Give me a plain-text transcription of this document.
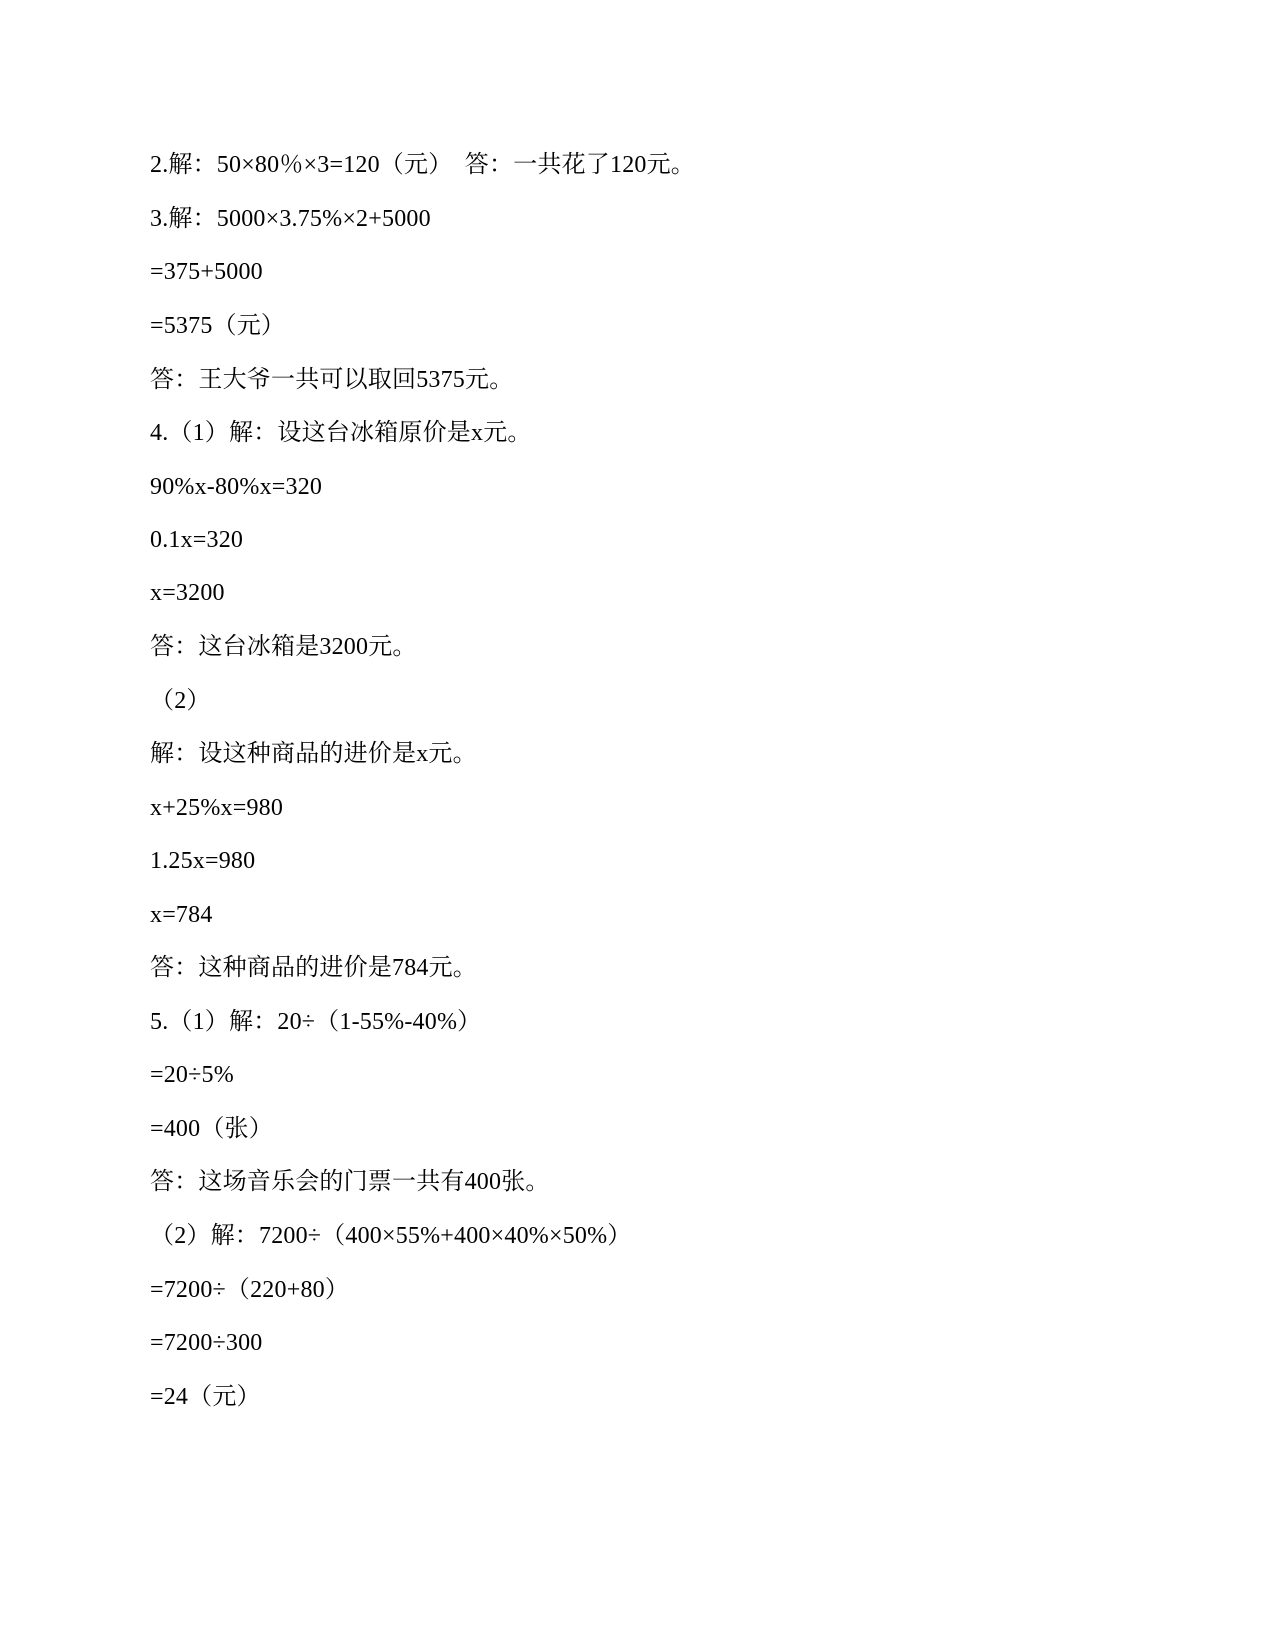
2.解：50×80％×3=120（元）  答：一共花了120元。
3.解：5000×3.75%×2+5000
=375+5000
=5375（元）
答：王大爷一共可以取回5375元。
4.（1）解：设这台冰箱原价是x元。
90%x-80%x=320
0.1x=320
x=3200
答：这台冰箱是3200元。
（2）
解：设这种商品的进价是x元。
x+25%x=980
1.25x=980
x=784
答：这种商品的进价是784元。
5.（1）解：20÷（1-55%-40%）
=20÷5%
=400（张）
答：这场音乐会的门票一共有400张。
（2）解：7200÷（400×55%+400×40%×50%）
=7200÷（220+80）
=7200÷300
=24（元）
